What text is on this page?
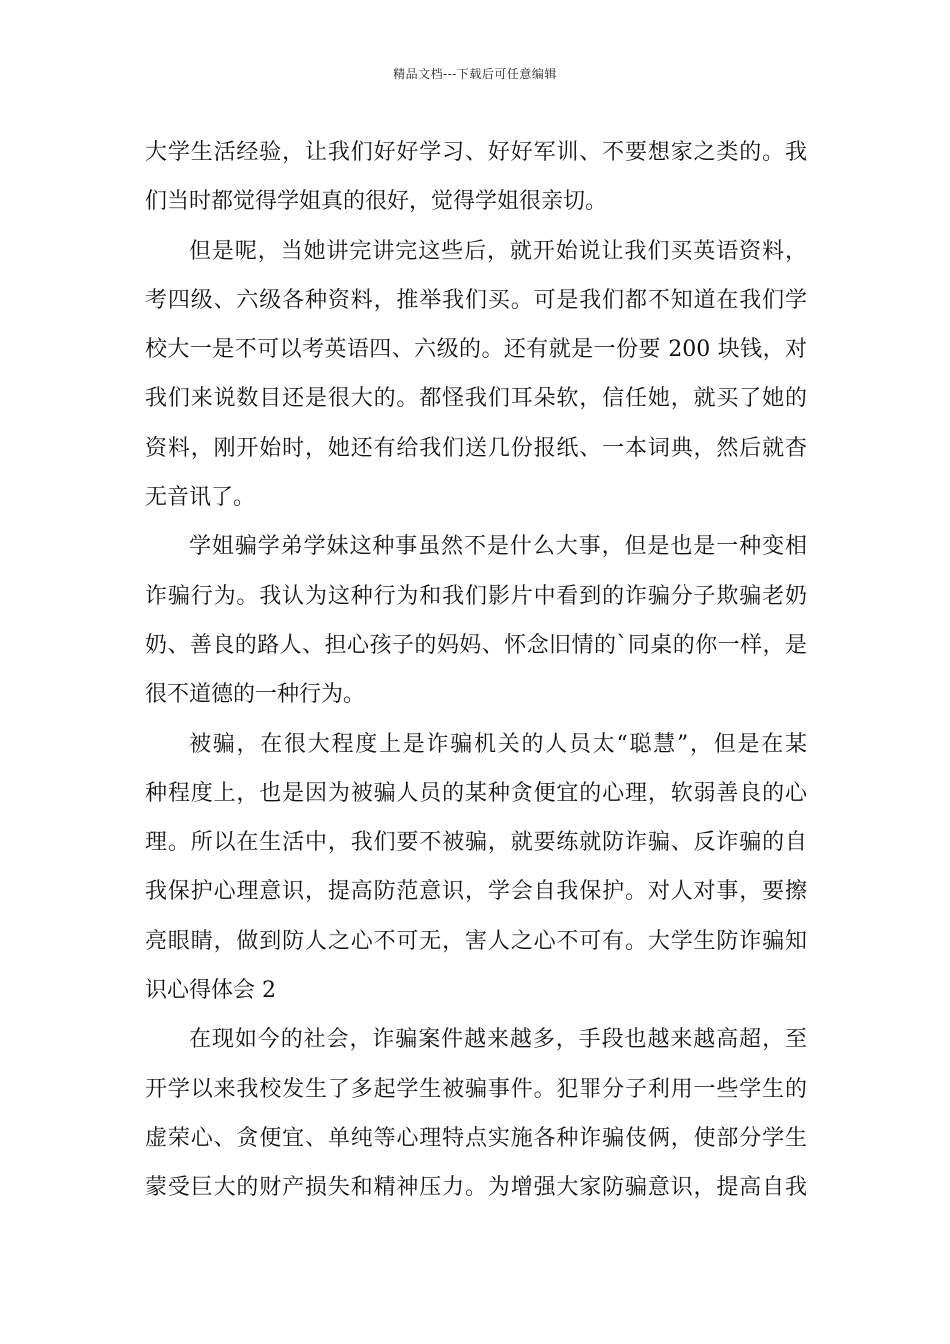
精品文档---下载后可任意编辑
大学生活经验，让我们好好学习、好好军训、不要想家之类的。我
们当时都觉得学姐真的很好，觉得学姐很亲切。
但是呢，当她讲完讲完这些后，就开始说让我们买英语资料，
考四级、六级各种资料，推举我们买。可是我们都不知道在我们学
校大一是不可以考英语四、六级的。还有就是一份要 200 块钱，对
我们来说数目还是很大的。都怪我们耳朵软，信任她，就买了她的
资料，刚开始时，她还有给我们送几份报纸、一本词典，然后就杳
无音讯了。
学姐骗学弟学妹这种事虽然不是什么大事，但是也是一种变相
诈骗行为。我认为这种行为和我们影片中看到的诈骗分子欺骗老奶
奶、善良的路人、担心孩子的妈妈、怀念旧情的`同桌的你一样，是
很不道德的一种行为。
被骗，在很大程度上是诈骗机关的人员太“聪慧”，但是在某
种程度上，也是因为被骗人员的某种贪便宜的心理，软弱善良的心
理。所以在生活中，我们要不被骗，就要练就防诈骗、反诈骗的自
我保护心理意识，提高防范意识，学会自我保护。对人对事，要擦
亮眼睛，做到防人之心不可无，害人之心不可有。大学生防诈骗知
识心得体会 2
在现如今的社会，诈骗案件越来越多，手段也越来越高超，至
开学以来我校发生了多起学生被骗事件。犯罪分子利用一些学生的
虚荣心、贪便宜、单纯等心理特点实施各种诈骗伎俩，使部分学生
蒙受巨大的财产损失和精神压力。为增强大家防骗意识，提高自我
